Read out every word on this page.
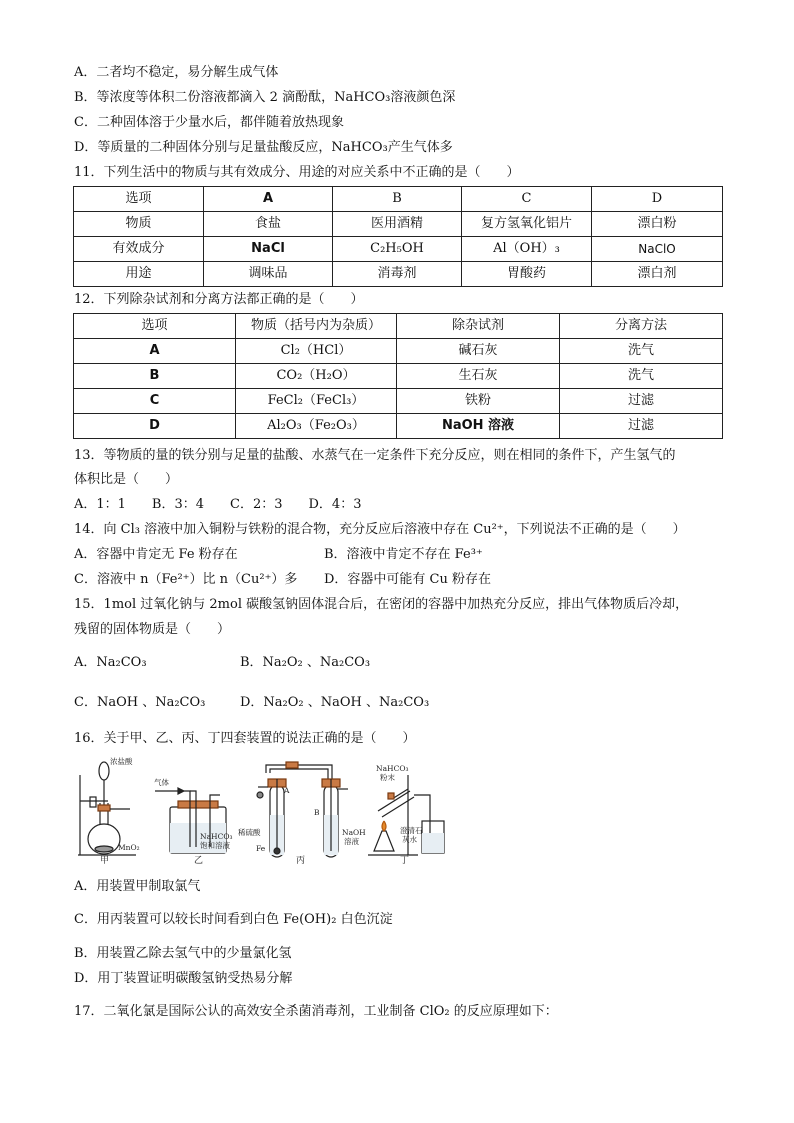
A．二者均不稳定，易分解生成气体
B．等浓度等体积二份溶液都滴入 2 滴酚酞，NaHCO₃溶液颜色深
C．二种固体溶于少量水后，都伴随着放热现象
D．等质量的二种固体分别与足量盐酸反应，NaHCO₃产生气体多
11．下列生活中的物质与其有效成分、用途的对应关系中不正确的是（　　）
选项	A	B	C	D
物质	食盐	医用酒精	复方氢氧化铝片	漂白粉
有效成分	NaCl	C₂H₅OH	Al（OH）₃	NaClO
用途	调味品	消毒剂	胃酸药	漂白剂
12．下列除杂试剂和分离方法都正确的是（　　）
选项	物质（括号内为杂质）	除杂试剂	分离方法
A	Cl₂（HCl）	碱石灰	洗气
B	CO₂（H₂O）	生石灰	洗气
C	FeCl₂（FeCl₃）	铁粉	过滤
D	Al₂O₃（Fe₂O₃）	NaOH 溶液	过滤
13．等物质的量的铁分别与足量的盐酸、水蒸气在一定条件下充分反应，则在相同的条件下，产生氢气的
体积比是（　　）
A．1：1　　B．3：4　　C．2：3　　D．4：3
14．向 Cl₃ 溶液中加入铜粉与铁粉的混合物，充分反应后溶液中存在 Cu²⁺，下列说法不正确的是（　　）
A．容器中肯定无 Fe 粉存在	B．溶液中肯定不存在 Fe³⁺
C．溶液中 n（Fe²⁺）比 n（Cu²⁺）多 D．容器中可能有 Cu 粉存在
15．1mol 过氧化钠与 2mol 碳酸氢钠固体混合后，在密闭的容器中加热充分反应，排出气体物质后冷却，
残留的固体物质是（　　）
A．Na₂CO₃	B．Na₂O₂ 、Na₂CO₃
C．NaOH 、Na₂CO₃	D．Na₂O₂ 、NaOH 、Na₂CO₃
16．关于甲、乙、丙、丁四套装置的说法正确的是（　　）
浓盐酸
MnO₂
气体
NaHCO₃
饱和溶液
稀硫酸
Fe
A
B
NaOH
溶液
NaHCO₃
粉末
澄清石
灰水
甲	乙	丙	丁
A．用装置甲制取氯气
C．用丙装置可以较长时间看到白色 Fe(OH)₂ 白色沉淀
B．用装置乙除去氢气中的少量氯化氢
D．用丁装置证明碳酸氢钠受热易分解
17．二氧化氯是国际公认的高效安全杀菌消毒剂，工业制备 ClO₂ 的反应原理如下：
